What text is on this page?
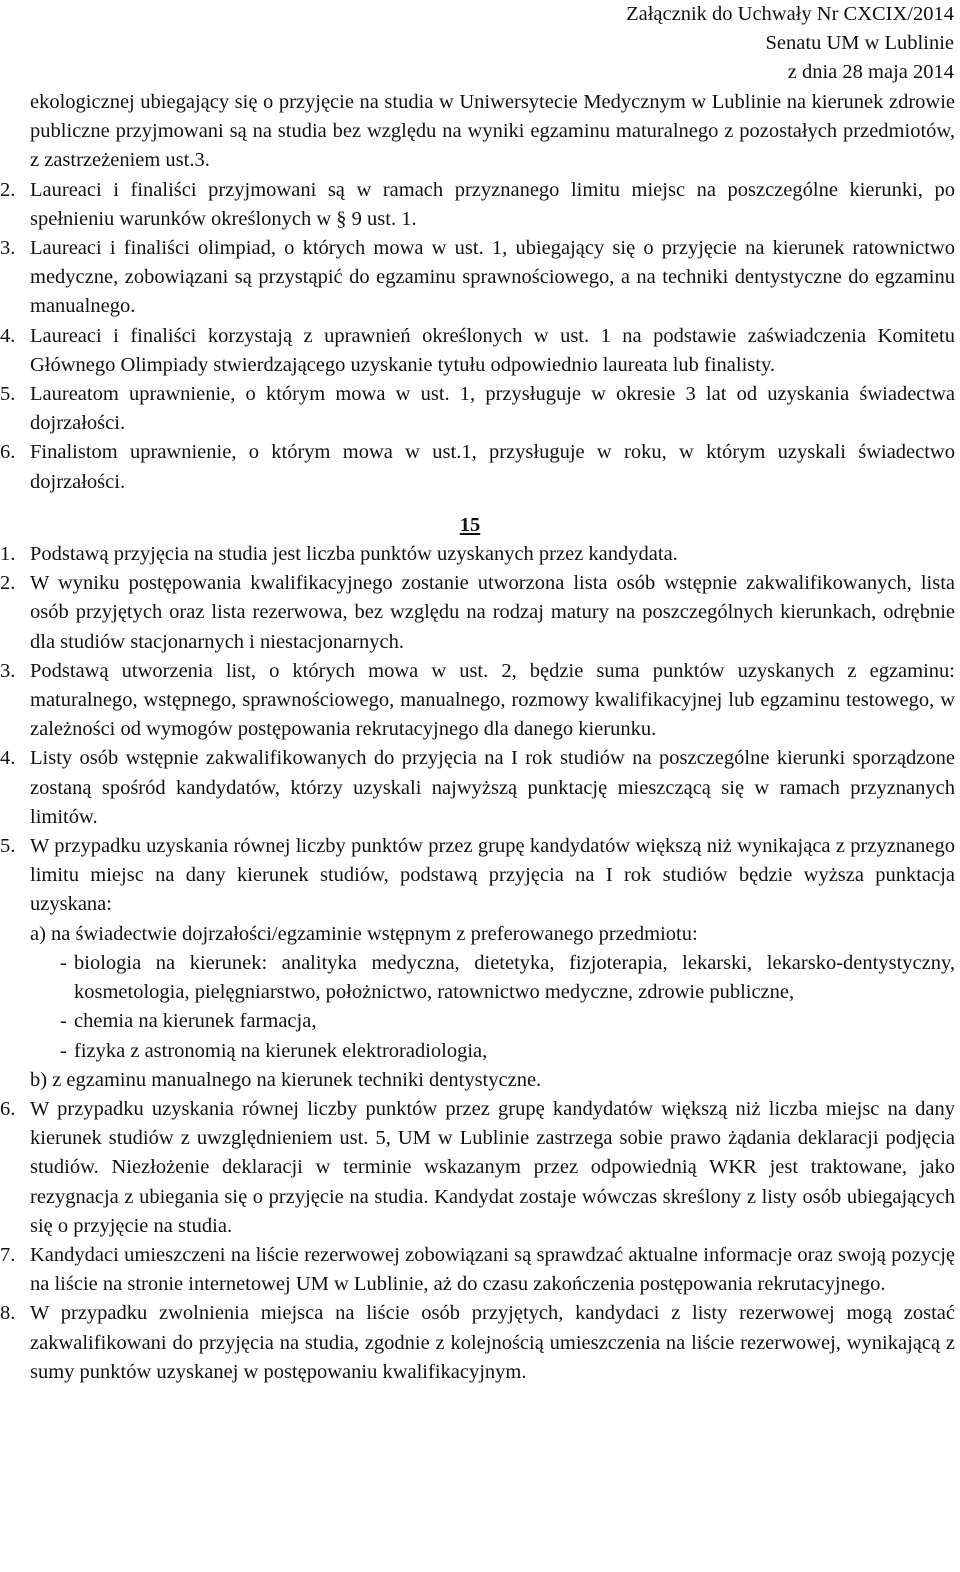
Załącznik do Uchwały Nr CXCIX/2014
Senatu UM w Lublinie
z dnia 28 maja 2014

ekologicznej ubiegający się o przyjęcie na studia w Uniwersytecie Medycznym w Lublinie na kierunek zdrowie publiczne przyjmowani są na studia bez względu na wyniki egzaminu maturalnego z pozostałych przedmiotów, z zastrzeżeniem ust.3.

2. Laureaci i finaliści przyjmowani są w ramach przyznanego limitu miejsc na poszczególne kierunki, po spełnieniu warunków określonych w § 9 ust. 1.
3. Laureaci i finaliści olimpiad, o których mowa w ust. 1, ubiegający się o przyjęcie na kierunek ratownictwo medyczne, zobowiązani są przystąpić do egzaminu sprawnościowego, a na techniki dentystyczne do egzaminu manualnego.
4. Laureaci i finaliści korzystają z uprawnień określonych w ust. 1 na podstawie zaświadczenia Komitetu Głównego Olimpiady stwierdzającego uzyskanie tytułu odpowiednio laureata lub finalisty.
5. Laureatom uprawnienie, o którym mowa w ust. 1, przysługuje w okresie 3 lat od uzyskania świadectwa dojrzałości.
6. Finalistom uprawnienie, o którym mowa w ust.1, przysługuje w roku, w którym uzyskali świadectwo dojrzałości.
15
1. Podstawą przyjęcia na studia jest liczba punktów uzyskanych przez kandydata.
2. W wyniku postępowania kwalifikacyjnego zostanie utworzona lista osób wstępnie zakwalifikowanych, lista osób przyjętych oraz lista rezerwowa, bez względu na rodzaj matury na poszczególnych kierunkach, odrębnie dla studiów stacjonarnych i niestacjonarnych.
3. Podstawą utworzenia list, o których mowa w ust. 2, będzie suma punktów uzyskanych z egzaminu: maturalnego, wstępnego, sprawnościowego, manualnego, rozmowy kwalifikacyjnej lub egzaminu testowego, w zależności od wymogów postępowania rekrutacyjnego dla danego kierunku.
4. Listy osób wstępnie zakwalifikowanych do przyjęcia na I rok studiów na poszczególne kierunki sporządzone zostaną spośród kandydatów, którzy uzyskali najwyższą punktację mieszczącą się w ramach przyznanych limitów.
5. W przypadku uzyskania równej liczby punktów przez grupę kandydatów większą niż wynikająca z przyznanego limitu miejsc na dany kierunek studiów, podstawą przyjęcia na I rok studiów będzie wyższa punktacja uzyskana:

a) na świadectwie dojrzałości/egzaminie wstępnym z preferowanego przedmiotu:

- biologia na kierunek: analityka medyczna, dietetyka, fizjoterapia, lekarski, lekarsko-dentystyczny, kosmetologia, pielęgniarstwo, położnictwo, ratownictwo medyczne, zdrowie publiczne,
- chemia na kierunek farmacja,
- fizyka z astronomią na kierunek elektroradiologia,

b) z egzaminu manualnego na kierunek techniki dentystyczne.

6. W przypadku uzyskania równej liczby punktów przez grupę kandydatów większą niż liczba miejsc na dany kierunek studiów z uwzględnieniem ust. 5, UM w Lublinie zastrzega sobie prawo żądania deklaracji podjęcia studiów. Niezłożenie deklaracji w terminie wskazanym przez odpowiednią WKR jest traktowane, jako rezygnacja z ubiegania się o przyjęcie na studia. Kandydat zostaje wówczas skreślony z listy osób ubiegających się o przyjęcie na studia.
7. Kandydaci umieszczeni na liście rezerwowej zobowiązani są sprawdzać aktualne informacje oraz swoją pozycję na liście na stronie internetowej UM w Lublinie, aż do czasu zakończenia postępowania rekrutacyjnego.
8. W przypadku zwolnienia miejsca na liście osób przyjętych, kandydaci z listy rezerwowej mogą zostać zakwalifikowani do przyjęcia na studia, zgodnie z kolejnością umieszczenia na liście rezerwowej, wynikającą z sumy punktów uzyskanej w postępowaniu kwalifikacyjnym.
